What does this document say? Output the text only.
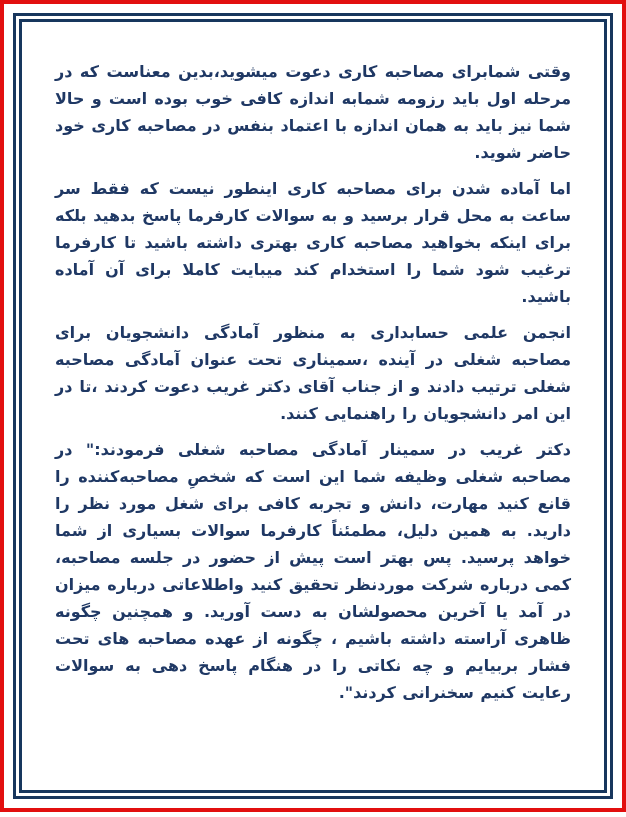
وقتی شمابرای مصاحبه کاری دعوت میشوید،بدین معناست که در مرحله اول باید رزومه شمابه اندازه کافی خوب بوده است و حالا شما نیز باید به همان اندازه با اعتماد بنفس در مصاحبه کاری خود حاضر شوید.

اما آماده شدن برای مصاحبه کاری اینطور نیست که فقط سر ساعت به محل قرار برسید و به سوالات کارفرما پاسخ بدهید بلکه برای اینکه بخواهید مصاحبه کاری بهتری داشته باشید تا کارفرما ترغیب شود شما را استخدام کند میبایت کاملا برای آن آماده باشید.

انجمن علمی حسابداری به منظور آمادگی دانشجویان برای مصاحبه شغلی در آینده ،سمیناری تحت عنوان آمادگی مصاحبه شغلی ترتیب دادند و از جناب آقای دکتر غریب دعوت کردند ،تا در این امر دانشجویان را راهنمایی کنند.

دکتر غریب در سمینار آمادگی مصاحبه شغلی فرمودند:" در مصاحبه شغلی وظیفه شما این است که شخصِ مصاحبه‌کننده را قانع کنید مهارت، دانش و تجربه کافی برای شغل مورد نظر را دارید. به همین دلیل، مطمئناً کارفرما سوالات بسیاری از شما خواهد پرسید. پس بهتر است پیش از حضور در جلسه مصاحبه، کمی درباره شرکت موردنظر تحقیق کنید واطلاعاتی درباره میزان در آمد یا آخرین محصولشان به دست آورید. و همچنین چگونه ظاهری آراسته داشته باشیم ، چگونه از عهده مصاحبه های تحت فشار بربیایم و چه نکاتی را در هنگام پاسخ دهی به سوالات رعایت کنیم سخنرانی کردند".
